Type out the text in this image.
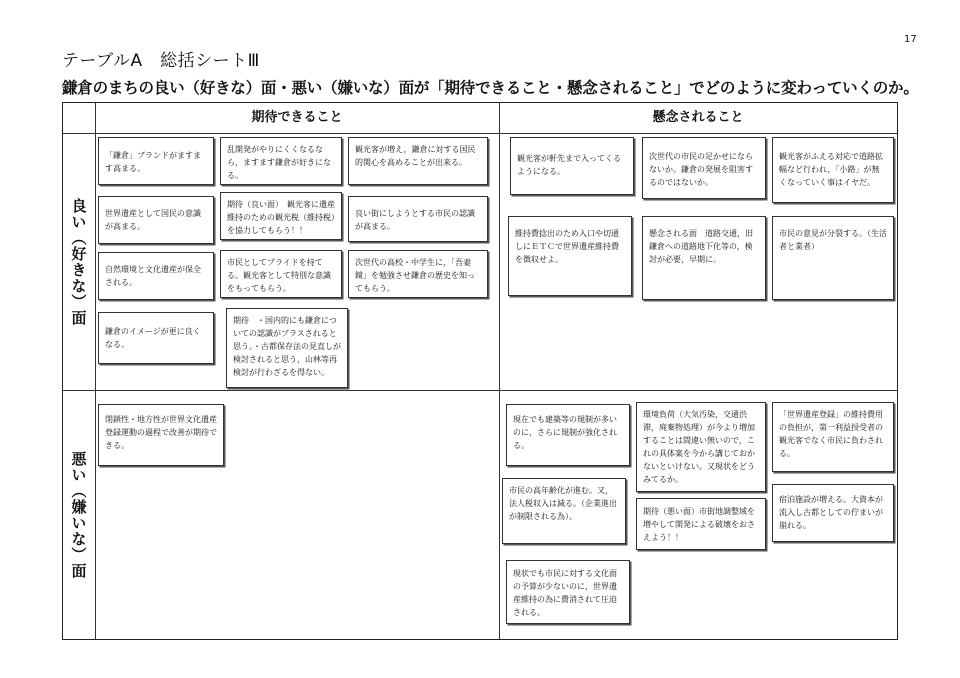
17
テーブルA　総括シートⅢ
鎌倉のまちの良い（好きな）面・悪い（嫌いな）面が「期待できること・懸念されること」でどのように変わっていくのか。
期待できること	懸念されること
良い（好きな）面
悪い（嫌いな）面
「鎌倉」ブランドがますます高まる。
乱開発がやりにくくなるなら，ますます鎌倉が好きになる。
観光客が増え，鎌倉に対する国民的関心を高めることが出来る。
世界遺産として国民の意識が高まる。
期待（良い面）　観光客に遺産維持のための観光税（維持税）を協力してもらう！！
良い街にしようとする市民の認識が高まる。
自然環境と文化遺産が保全される。
市民としてプライドを持てる。観光客として特別な意識をもってもらう。
次世代の高校・中学生に，「吾妻鏡」を勉強させ鎌倉の歴史を知ってもらう。
鎌倉のイメージが更に良くなる。
期待　・国内的にも鎌倉についての認識がプラスされると思う。・古都保存法の見直しが検討されると思う，山林等再検討が行わざるを得ない。
観光客が軒先まで入ってくるようになる。
次世代の市民の足かせにならないか。鎌倉の発展を阻害するのではないか。
観光客がふえる対応で道路拡幅など行われ，「小路」が無くなっていく事はイヤだ。
維持費捻出のため入口や切通しにＥＴＣで世界遺産維持費を徴収せよ。
懸念される面　道路交通，旧鎌倉への道路地下化等の，検討が必要，早期に。
市民の意見が分裂する。（生活者と業者）
閉鎖性・地方性が世界文化遺産登録運動の過程で改善が期待できる。
現在でも建築等の規制が多いのに，さらに規制が強化される。
環境負荷（大気汚染，交通渋滞，廃棄物処理）が今より増加することは間違い無いので，これの具体案を今から講じておかないといけない。又現状をどうみてるか。
「世界遺産登録」の維持費用の負担が，第一利益授受者の観光客でなく市民に負わされる。
市民の高年齢化が進む。又，法人税収入は減る。（企業進出が制限される為）。
期待（悪い面）市街地調整域を増やして開発による破壊をおさえよう！！
宿泊施設が増える。大資本が流入し古都としての佇まいが崩れる。
現状でも市民に対する文化面の予算が少ないのに，世界遺産維持の為に費消されて圧迫される。
